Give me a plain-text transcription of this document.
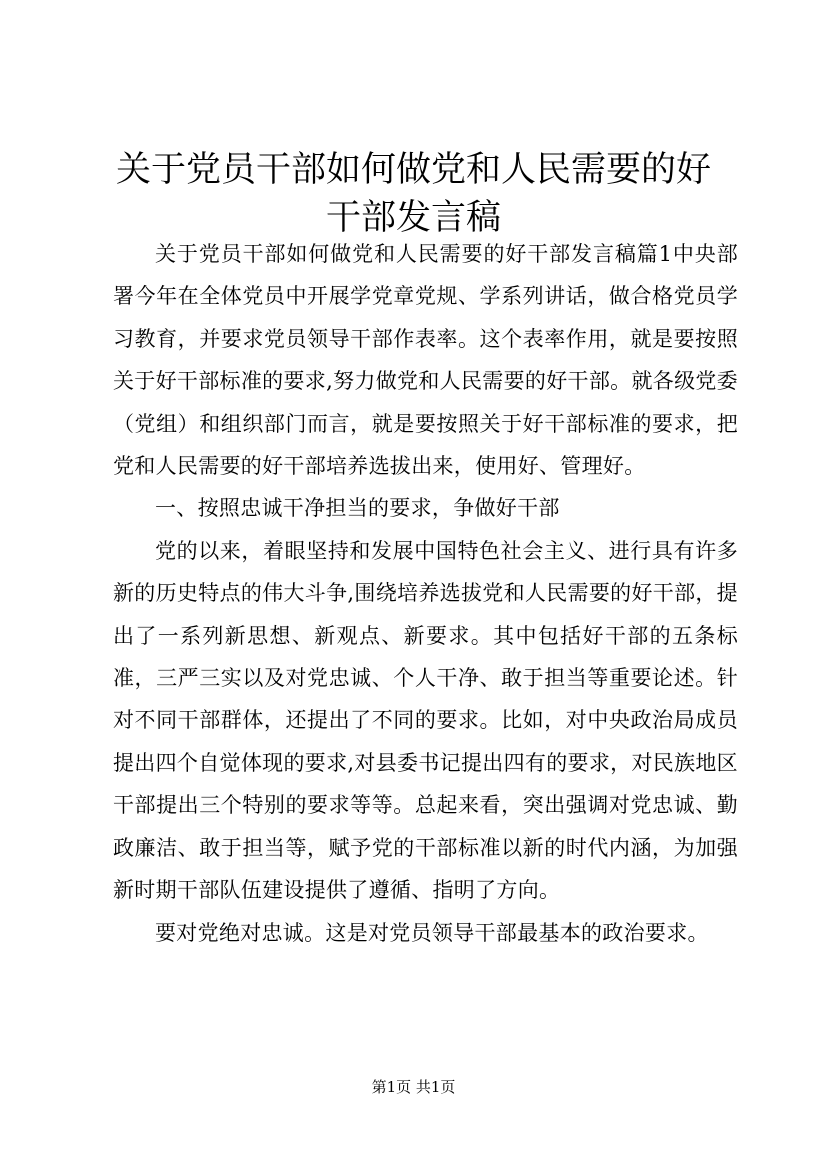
关于党员干部如何做党和人民需要的好干部发言稿

关于党员干部如何做党和人民需要的好干部发言稿篇1中央部署今年在全体党员中开展学党章党规、学系列讲话，做合格党员学习教育，并要求党员领导干部作表率。这个表率作用，就是要按照关于好干部标准的要求,努力做党和人民需要的好干部。就各级党委（党组）和组织部门而言，就是要按照关于好干部标准的要求，把党和人民需要的好干部培养选拔出来，使用好、管理好。

一、按照忠诚干净担当的要求，争做好干部

党的以来，着眼坚持和发展中国特色社会主义、进行具有许多新的历史特点的伟大斗争,围绕培养选拔党和人民需要的好干部，提出了一系列新思想、新观点、新要求。其中包括好干部的五条标准，三严三实以及对党忠诚、个人干净、敢于担当等重要论述。针对不同干部群体，还提出了不同的要求。比如，对中央政治局成员提出四个自觉体现的要求,对县委书记提出四有的要求，对民族地区干部提出三个特别的要求等等。总起来看，突出强调对党忠诚、勤政廉洁、敢于担当等，赋予党的干部标准以新的时代内涵，为加强新时期干部队伍建设提供了遵循、指明了方向。

要对党绝对忠诚。这是对党员领导干部最基本的政治要求。

第1页 共1页
